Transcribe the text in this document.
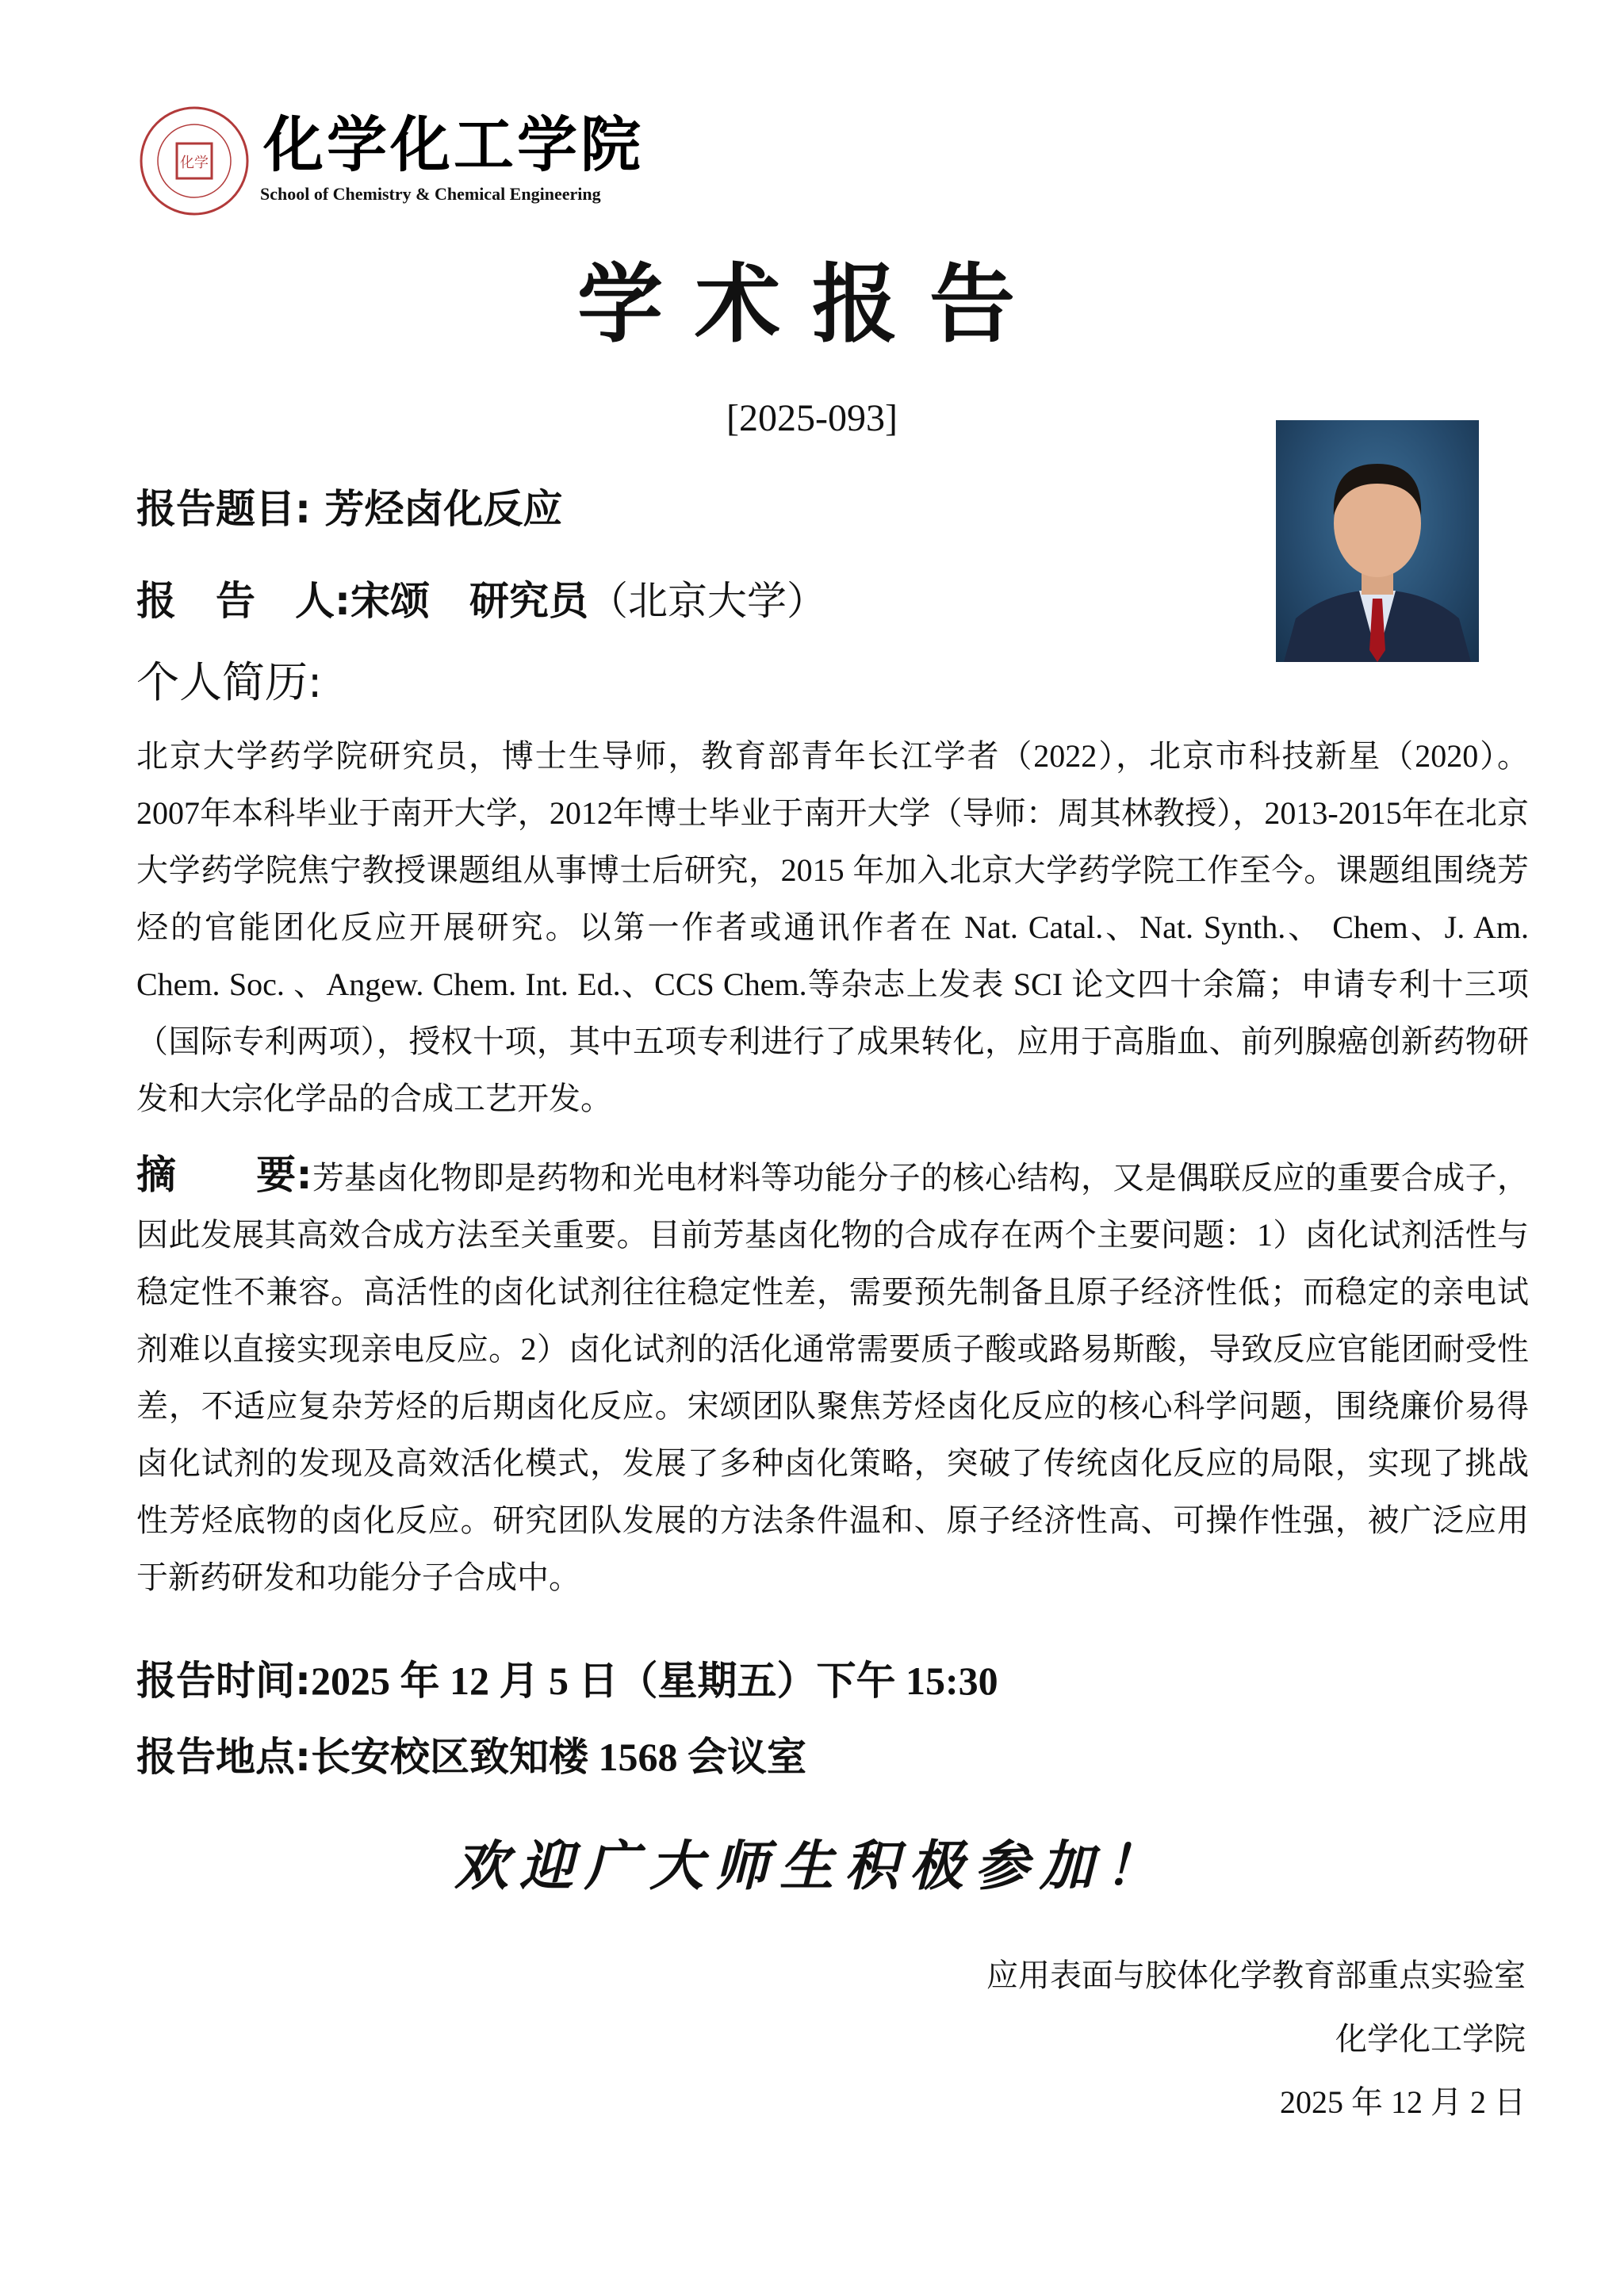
化学 化学化工学院
School of Chemistry & Chemical Engineering
学术报告
[2025-093]
报告题目: 芳烃卤化反应
报　告　人:宋颂　研究员（北京大学）
个人简历:
北京大学药学院研究员，博士生导师，教育部青年长江学者（2022），北京市科技新星（2020）。2007年本科毕业于南开大学，2012年博士毕业于南开大学（导师：周其林教授），2013-2015年在北京大学药学院焦宁教授课题组从事博士后研究，2015 年加入北京大学药学院工作至今。课题组围绕芳烃的官能团化反应开展研究。以第一作者或通讯作者在 Nat. Catal.、Nat. Synth.、 Chem、J. Am. Chem. Soc. 、Angew. Chem. Int. Ed.、CCS Chem.等杂志上发表 SCI 论文四十余篇；申请专利十三项（国际专利两项），授权十项，其中五项专利进行了成果转化，应用于高脂血、前列腺癌创新药物研发和大宗化学品的合成工艺开发。
摘　　要:芳基卤化物即是药物和光电材料等功能分子的核心结构，又是偶联反应的重要合成子，因此发展其高效合成方法至关重要。目前芳基卤化物的合成存在两个主要问题：1）卤化试剂活性与稳定性不兼容。高活性的卤化试剂往往稳定性差，需要预先制备且原子经济性低；而稳定的亲电试剂难以直接实现亲电反应。2）卤化试剂的活化通常需要质子酸或路易斯酸，导致反应官能团耐受性差，不适应复杂芳烃的后期卤化反应。宋颂团队聚焦芳烃卤化反应的核心科学问题，围绕廉价易得卤化试剂的发现及高效活化模式，发展了多种卤化策略，突破了传统卤化反应的局限，实现了挑战性芳烃底物的卤化反应。研究团队发展的方法条件温和、原子经济性高、可操作性强，被广泛应用于新药研发和功能分子合成中。
报告时间:2025 年 12 月 5 日（星期五）下午 15:30
报告地点:长安校区致知楼 1568 会议室
欢迎广大师生积极参加！
应用表面与胶体化学教育部重点实验室
化学化工学院
2025 年 12 月 2 日
